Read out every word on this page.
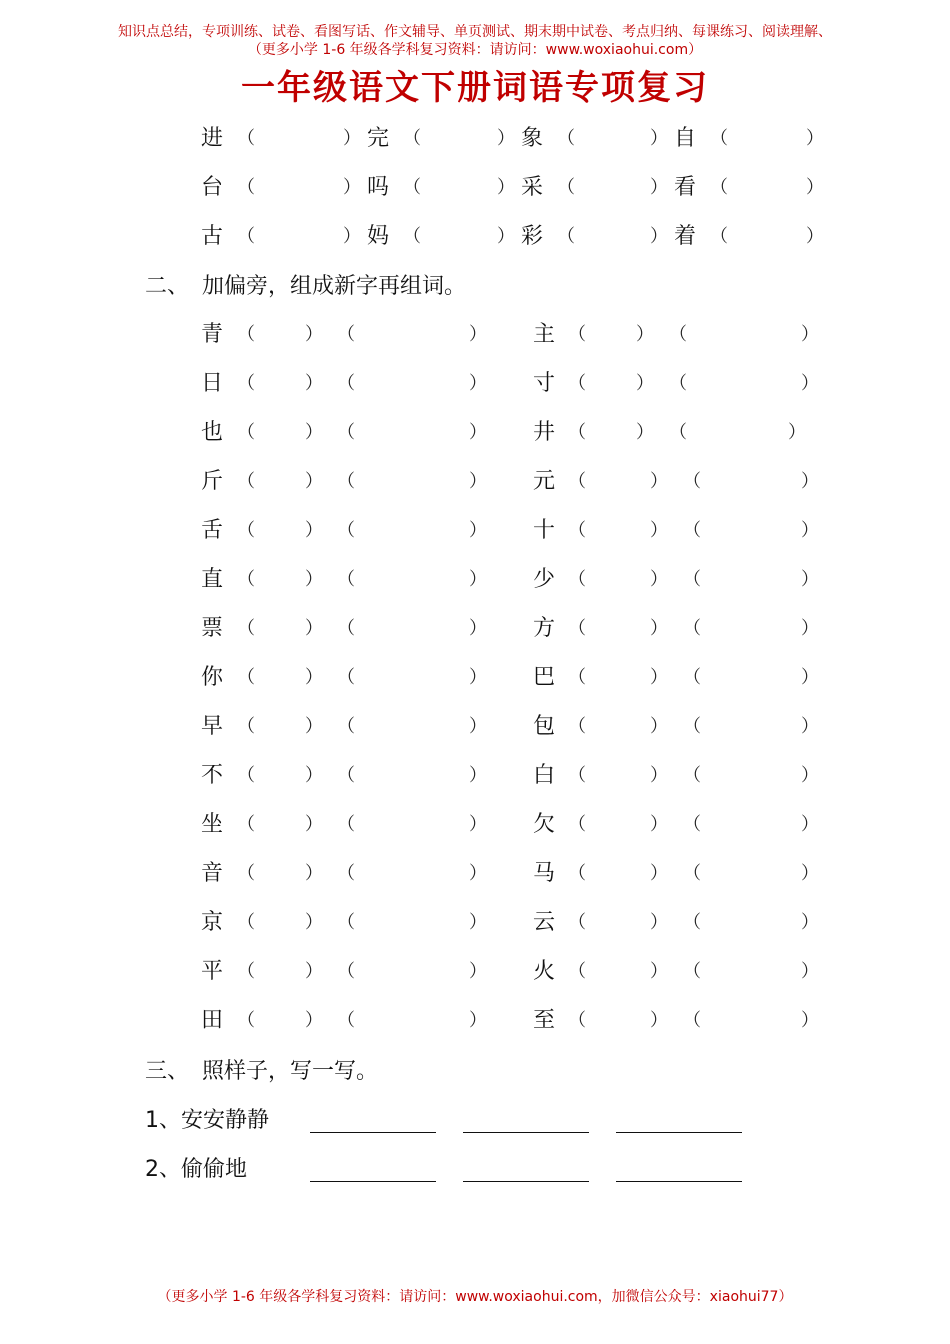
知识点总结，专项训练、试卷、看图写话、作文辅导、单页测试、期末期中试卷、考点归纳、每课练习、阅读理解、
（更多小学 1-6 年级各学科复习资料：请访问：www.woxiaohui.com）
一年级语文下册词语专项复习
进 （	） 完 （	） 象 （	） 自 （	）
台 （	） 吗 （	） 采 （	） 看 （	）
古 （	） 妈 （	） 彩 （	） 着 （	）
二、 加偏旁，组成新字再组词。
青 （	） （	） 主 （	） （	）
日 （	） （	） 寸 （	） （	）
也 （	） （	） 井 （	） （	）
斤 （	） （	） 元 （	） （	）
舌 （	） （	） 十 （	） （	）
直 （	） （	） 少 （	） （	）
票 （	） （	） 方 （	） （	）
你 （	） （	） 巴 （	） （	）
早 （	） （	） 包 （	） （	）
不 （	） （	） 白 （	） （	）
坐 （	） （	） 欠 （	） （	）
音 （	） （	） 马 （	） （	）
京 （	） （	） 云 （	） （	）
平 （	） （	） 火 （	） （	）
田 （	） （	） 至 （	） （	）
三、 照样子，写一写。
1、安安静静
2、偷偷地
（更多小学 1-6 年级各学科复习资料：请访问：www.woxiaohui.com，加微信公众号：xiaohui77）
